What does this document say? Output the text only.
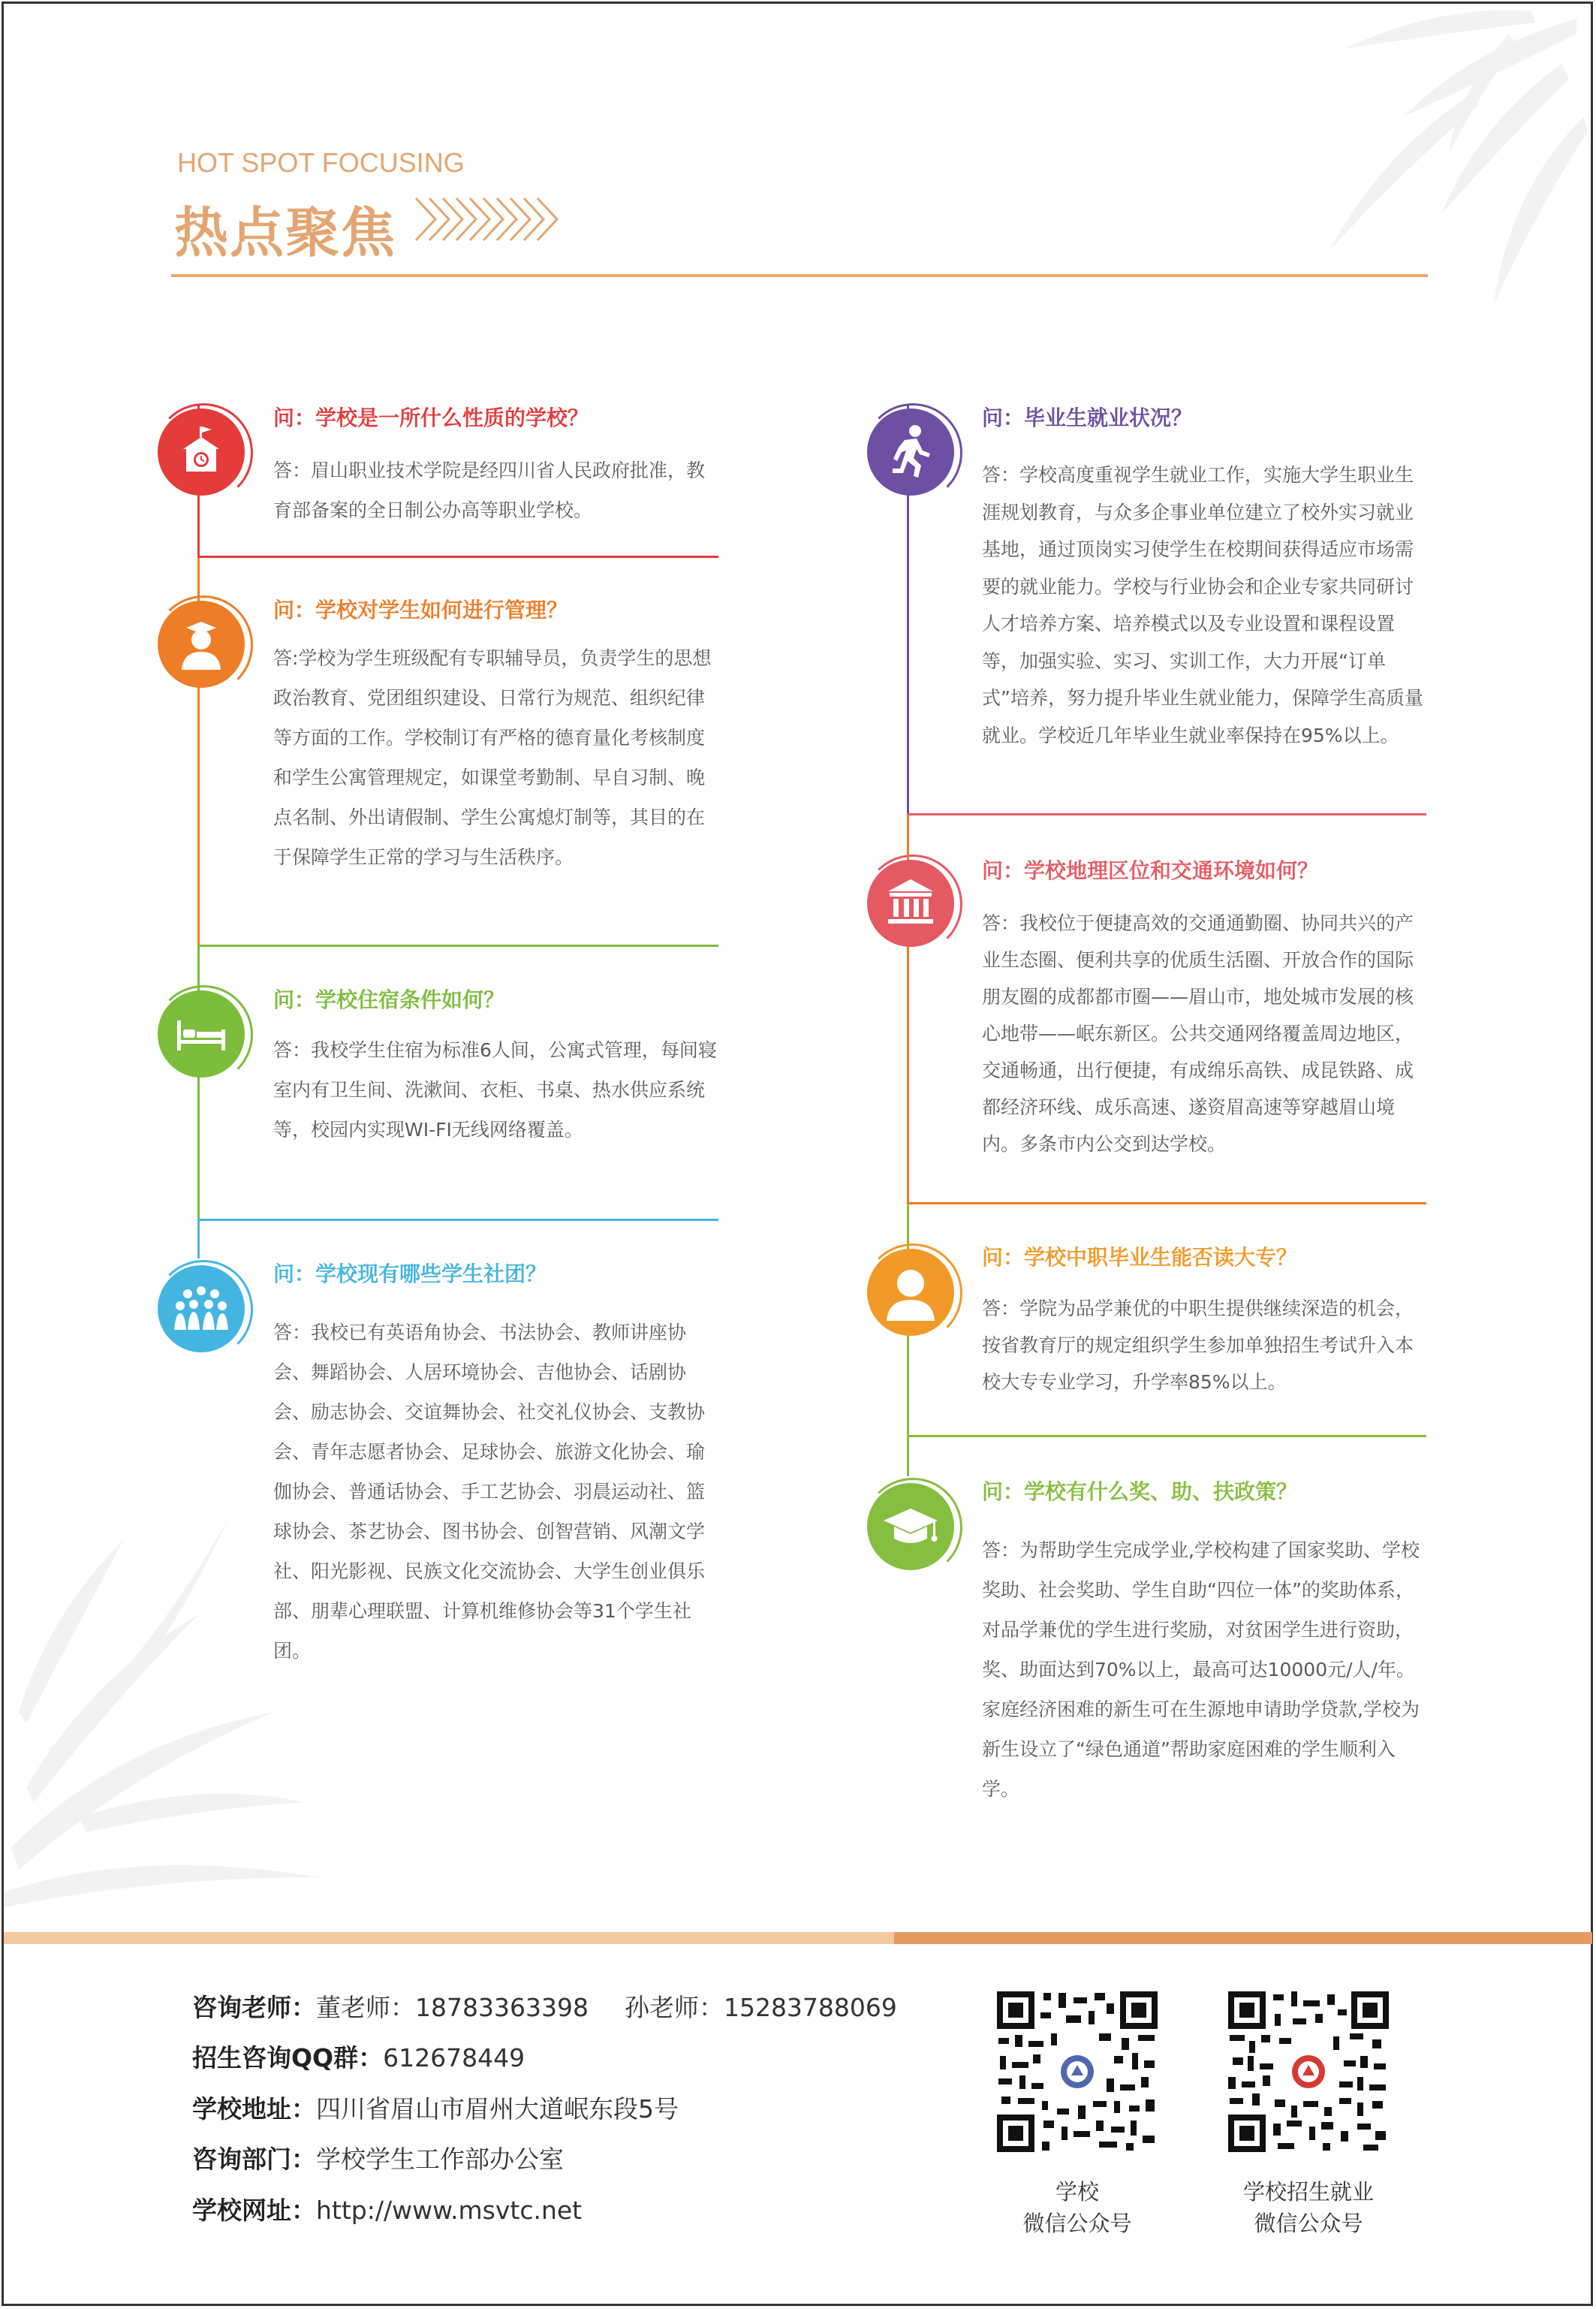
HOT SPOT FOCUSING
热点聚焦
问：学校是一所什么性质的学校？
答：眉山职业技术学院是经四川省人民政府批准，教育部备案的全日制公办高等职业学校。
问：学校对学生如何进行管理？
答:学校为学生班级配有专职辅导员，负责学生的思想政治教育、党团组织建设、日常行为规范、组织纪律等方面的工作。学校制订有严格的德育量化考核制度和学生公寓管理规定，如课堂考勤制、早自习制、晚点名制、外出请假制、学生公寓熄灯制等，其目的在于保障学生正常的学习与生活秩序。
问：学校住宿条件如何？
答：我校学生住宿为标准6人间，公寓式管理，每间寝室内有卫生间、洗漱间、衣柜、书桌、热水供应系统等，校园内实现WI-FI无线网络覆盖。
问：学校现有哪些学生社团？
答：我校已有英语角协会、书法协会、教师讲座协会、舞蹈协会、人居环境协会、吉他协会、话剧协会、励志协会、交谊舞协会、社交礼仪协会、支教协会、青年志愿者协会、足球协会、旅游文化协会、瑜伽协会、普通话协会、手工艺协会、羽晨运动社、篮球协会、茶艺协会、图书协会、创智营销、风潮文学社、阳光影视、民族文化交流协会、大学生创业俱乐部、朋辈心理联盟、计算机维修协会等31个学生社团。
问：毕业生就业状况？
答：学校高度重视学生就业工作，实施大学生职业生涯规划教育，与众多企事业单位建立了校外实习就业基地，通过顶岗实习使学生在校期间获得适应市场需要的就业能力。学校与行业协会和企业专家共同研讨人才培养方案、培养模式以及专业设置和课程设置等，加强实验、实习、实训工作，大力开展“订单式”培养，努力提升毕业生就业能力，保障学生高质量就业。学校近几年毕业生就业率保持在95%以上。
问：学校地理区位和交通环境如何？
答：我校位于便捷高效的交通通勤圈、协同共兴的产业生态圈、便利共享的优质生活圈、开放合作的国际朋友圈的成都都市圈——眉山市，地处城市发展的核心地带——岷东新区。公共交通网络覆盖周边地区，交通畅通，出行便捷，有成绵乐高铁、成昆铁路、成都经济环线、成乐高速、遂资眉高速等穿越眉山境内。多条市内公交到达学校。
问：学校中职毕业生能否读大专？
答：学院为品学兼优的中职生提供继续深造的机会，按省教育厅的规定组织学生参加单独招生考试升入本校大专专业学习，升学率85%以上。
问：学校有什么奖、助、扶政策？
答：为帮助学生完成学业,学校构建了国家奖助、学校奖助、社会奖助、学生自助“四位一体”的奖助体系，对品学兼优的学生进行奖励，对贫困学生进行资助，奖、助面达到70%以上，最高可达10000元/人/年。家庭经济困难的新生可在生源地申请助学贷款,学校为新生设立了“绿色通道”帮助家庭困难的学生顺利入学。
咨询老师：董老师：18783363398 孙老师：15283788069
招生咨询QQ群：612678449
学校地址：四川省眉山市眉州大道岷东段5号
咨询部门：学校学生工作部办公室
学校网址：http://www.msvtc.net
学校
微信公众号
学校招生就业
微信公众号
